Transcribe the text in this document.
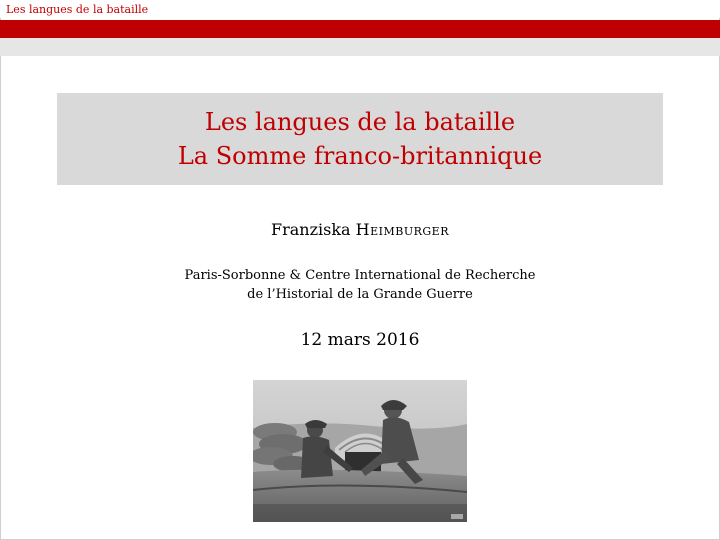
Les langues de la bataille
Les langues de la bataille
La Somme franco-britannique
Franziska Heimburger
Paris-Sorbonne & Centre International de Recherche
de l’Historial de la Grande Guerre
12 mars 2016
